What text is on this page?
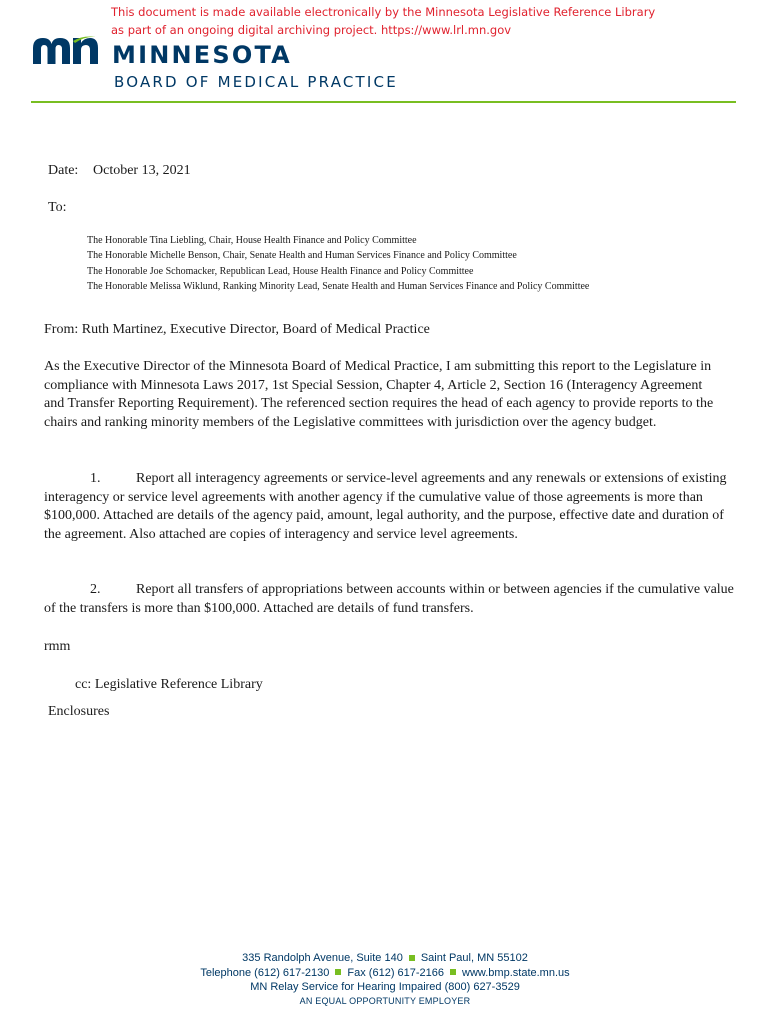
This document is made available electronically by the Minnesota Legislative Reference Library
as part of an ongoing digital archiving project. https://www.lrl.mn.gov
MINNESOTA
BOARD OF MEDICAL PRACTICE
Date: October 13, 2021
To:
The Honorable Tina Liebling, Chair, House Health Finance and Policy Committee
The Honorable Michelle Benson, Chair, Senate Health and Human Services Finance and Policy Committee
The Honorable Joe Schomacker, Republican Lead, House Health Finance and Policy Committee
The Honorable Melissa Wiklund, Ranking Minority Lead, Senate Health and Human Services Finance and Policy Committee
From: Ruth Martinez, Executive Director, Board of Medical Practice
As the Executive Director of the Minnesota Board of Medical Practice, I am submitting this report to the Legislature in compliance with Minnesota Laws 2017, 1st Special Session, Chapter 4, Article 2, Section 16 (Interagency Agreement and Transfer Reporting Requirement). The referenced section requires the head of each agency to provide reports to the chairs and ranking minority members of the Legislative committees with jurisdiction over the agency budget.
1.	Report all interagency agreements or service-level agreements and any renewals or extensions of existing interagency or service level agreements with another agency if the cumulative value of those agreements is more than $100,000. Attached are details of the agency paid, amount, legal authority, and the purpose, effective date and duration of the agreement. Also attached are copies of interagency and service level agreements.
2.	Report all transfers of appropriations between accounts within or between agencies if the cumulative value of the transfers is more than $100,000. Attached are details of fund transfers.
rmm
cc: Legislative Reference Library
Enclosures
335 Randolph Avenue, Suite 140 Saint Paul, MN 55102
Telephone (612) 617-2130 Fax (612) 617-2166 www.bmp.state.mn.us
MN Relay Service for Hearing Impaired (800) 627-3529
AN EQUAL OPPORTUNITY EMPLOYER
